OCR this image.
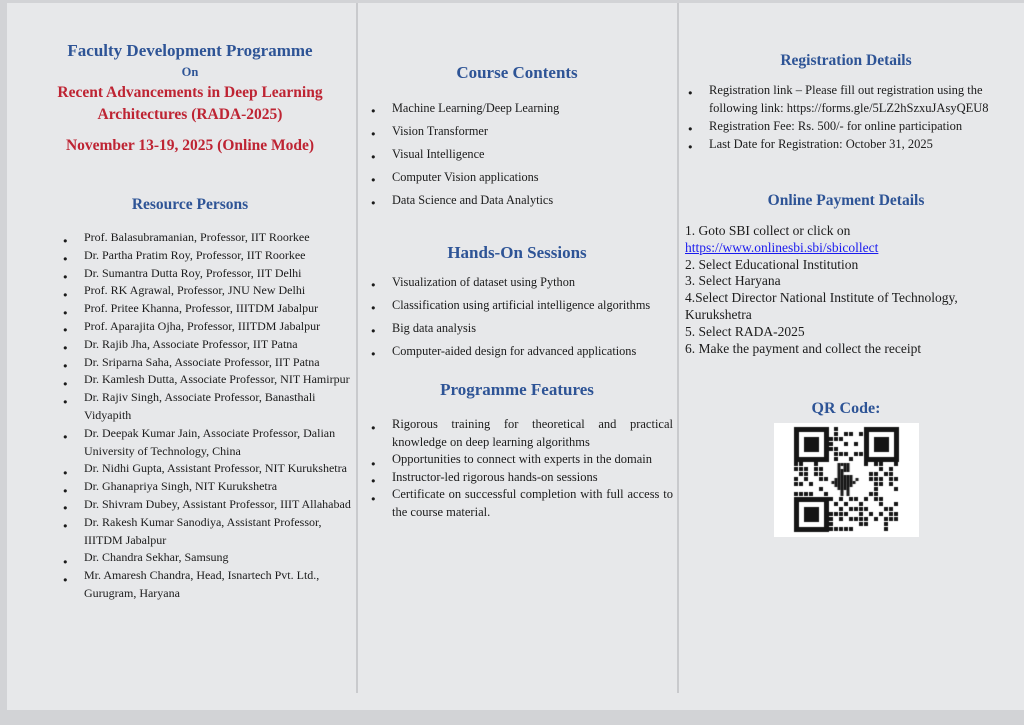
Faculty Development Programme
On
Recent Advancements in Deep Learning
Architectures (RADA-2025)
November 13-19, 2025 (Online Mode)
Resource Persons
● Prof. Balasubramanian, Professor, IIT Roorkee
● Dr. Partha Pratim Roy, Professor, IIT Roorkee
● Dr. Sumantra Dutta Roy, Professor, IIT Delhi
● Prof. RK Agrawal, Professor, JNU New Delhi
● Prof. Pritee Khanna, Professor, IIITDM Jabalpur
● Prof. Aparajita Ojha, Professor, IIITDM Jabalpur
● Dr. Rajib Jha, Associate Professor, IIT Patna
● Dr. Sriparna Saha, Associate Professor, IIT Patna
● Dr. Kamlesh Dutta, Associate Professor, NIT Hamirpur
● Dr. Rajiv Singh, Associate Professor, Banasthali Vidyapith
● Dr. Deepak Kumar Jain, Associate Professor, Dalian University of Technology, China
● Dr. Nidhi Gupta, Assistant Professor, NIT Kurukshetra
● Dr. Ghanapriya Singh, NIT Kurukshetra
● Dr. Shivram Dubey, Assistant Professor, IIIT Allahabad
● Dr. Rakesh Kumar Sanodiya, Assistant Professor, IIITDM Jabalpur
● Dr. Chandra Sekhar, Samsung
● Mr. Amaresh Chandra, Head, Isnartech Pvt. Ltd., Gurugram, Haryana
Course Contents
● Machine Learning/Deep Learning
● Vision Transformer
● Visual Intelligence
● Computer Vision applications
● Data Science and Data Analytics
Hands-On Sessions
● Visualization of dataset using Python
● Classification using artificial intelligence algorithms
● Big data analysis
● Computer-aided design for advanced applications
Programme Features
● Rigorous training for theoretical and practical knowledge on deep learning algorithms
● Opportunities to connect with experts in the domain
● Instructor-led rigorous hands-on sessions
● Certificate on successful completion with full access to the course material.
Registration Details
● Registration link – Please fill out registration using the following link: https://forms.gle/5LZ2hSzxuJAsyQEU8
● Registration Fee: Rs. 500/- for online participation
● Last Date for Registration: October 31, 2025
Online Payment Details
1. Goto SBI collect or click on
https://www.onlinesbi.sbi/sbicollect
2. Select Educational Institution
3. Select Haryana
4.Select Director National Institute of Technology, Kurukshetra
5. Select RADA-2025
6. Make the payment and collect the receipt
QR Code:
